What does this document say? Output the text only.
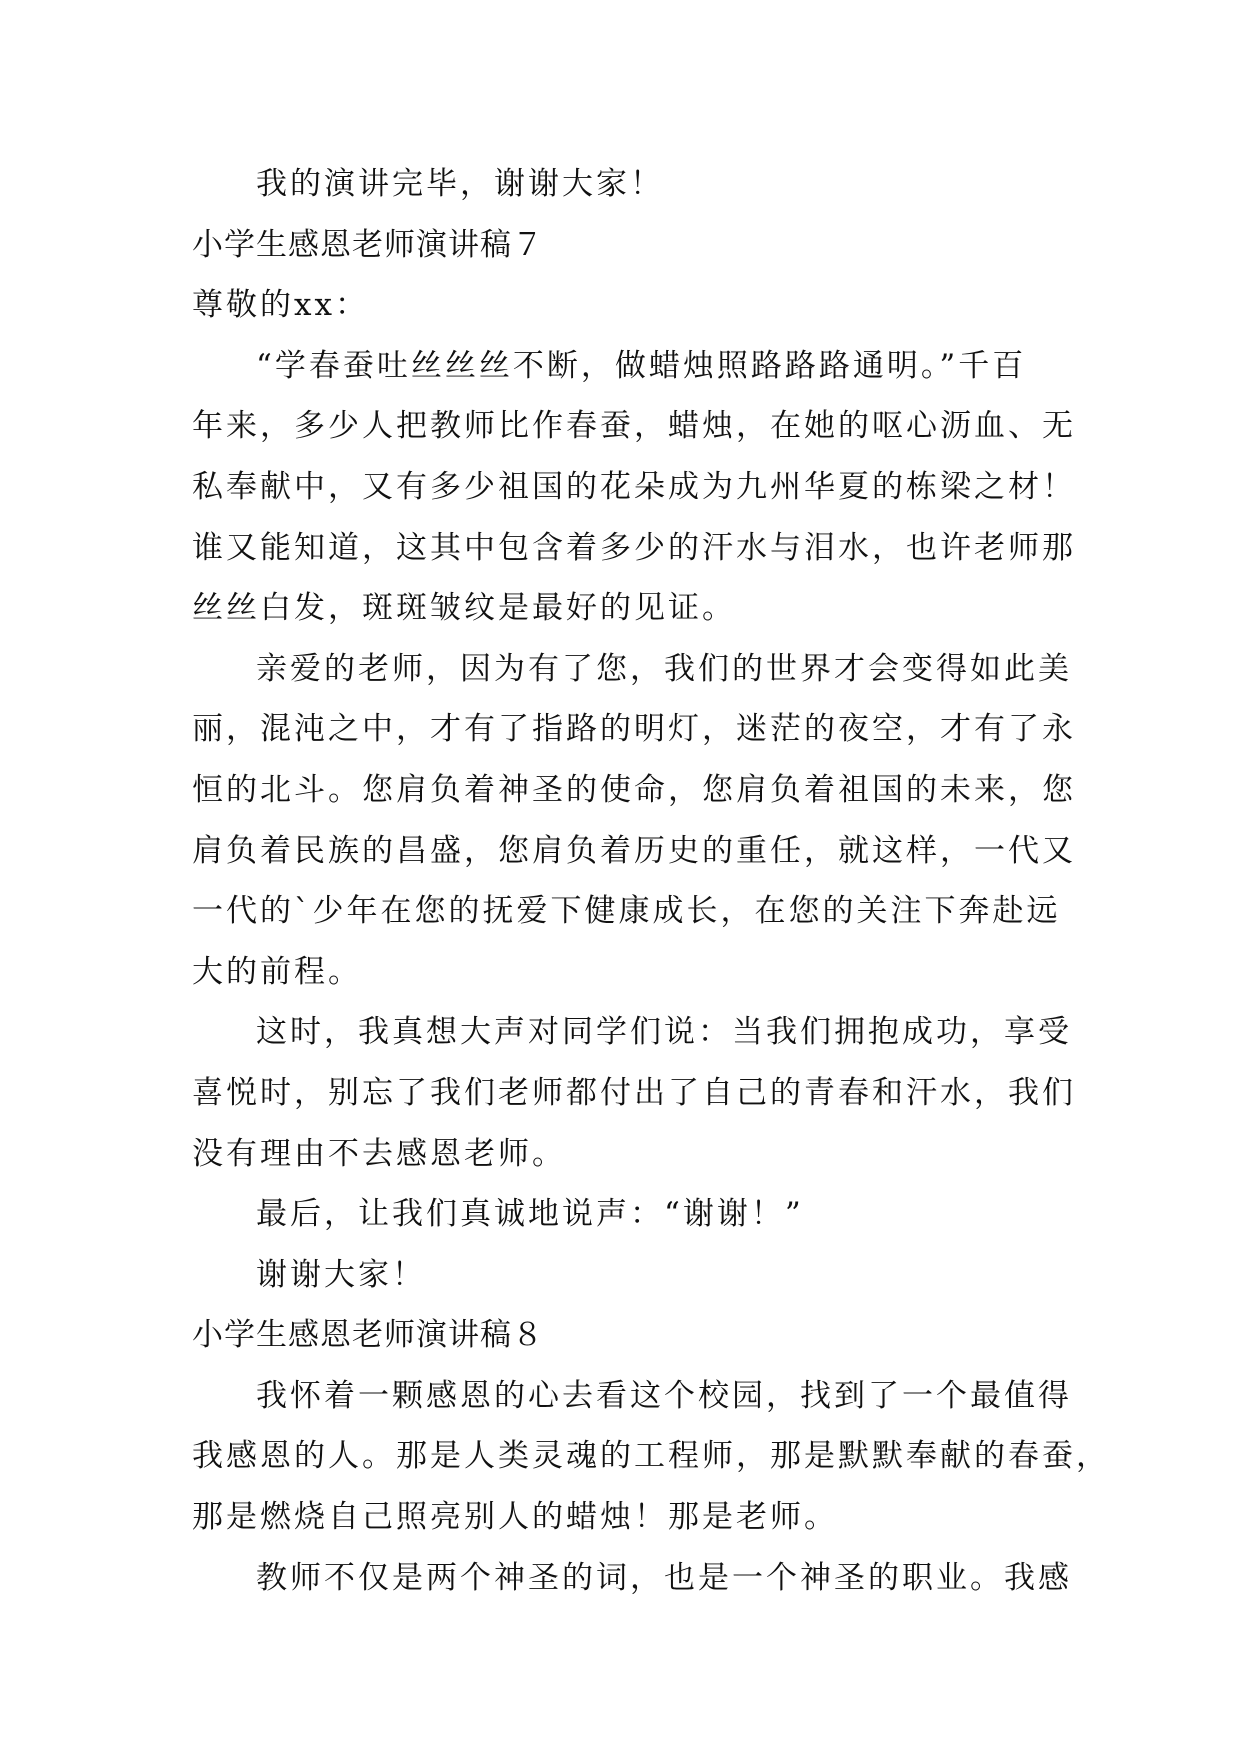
我的演讲完毕，谢谢大家！
小学生感恩老师演讲稿７
尊敬的xx：
“学春蚕吐丝丝丝不断，做蜡烛照路路路通明。”千百
年来，多少人把教师比作春蚕，蜡烛，在她的呕心沥血、无
私奉献中，又有多少祖国的花朵成为九州华夏的栋梁之材！
谁又能知道，这其中包含着多少的汗水与泪水，也许老师那
丝丝白发，斑斑皱纹是最好的见证。
亲爱的老师，因为有了您，我们的世界才会变得如此美
丽，混沌之中，才有了指路的明灯，迷茫的夜空，才有了永
恒的北斗。您肩负着神圣的使命，您肩负着祖国的未来，您
肩负着民族的昌盛，您肩负着历史的重任，就这样，一代又
一代的`少年在您的抚爱下健康成长，在您的关注下奔赴远
大的前程。
这时，我真想大声对同学们说：当我们拥抱成功，享受
喜悦时，别忘了我们老师都付出了自己的青春和汗水，我们
没有理由不去感恩老师。
最后，让我们真诚地说声：“谢谢！”
谢谢大家！
小学生感恩老师演讲稿８
我怀着一颗感恩的心去看这个校园，找到了一个最值得
我感恩的人。那是人类灵魂的工程师，那是默默奉献的春蚕，
那是燃烧自己照亮别人的蜡烛！那是老师。
教师不仅是两个神圣的词，也是一个神圣的职业。我感
